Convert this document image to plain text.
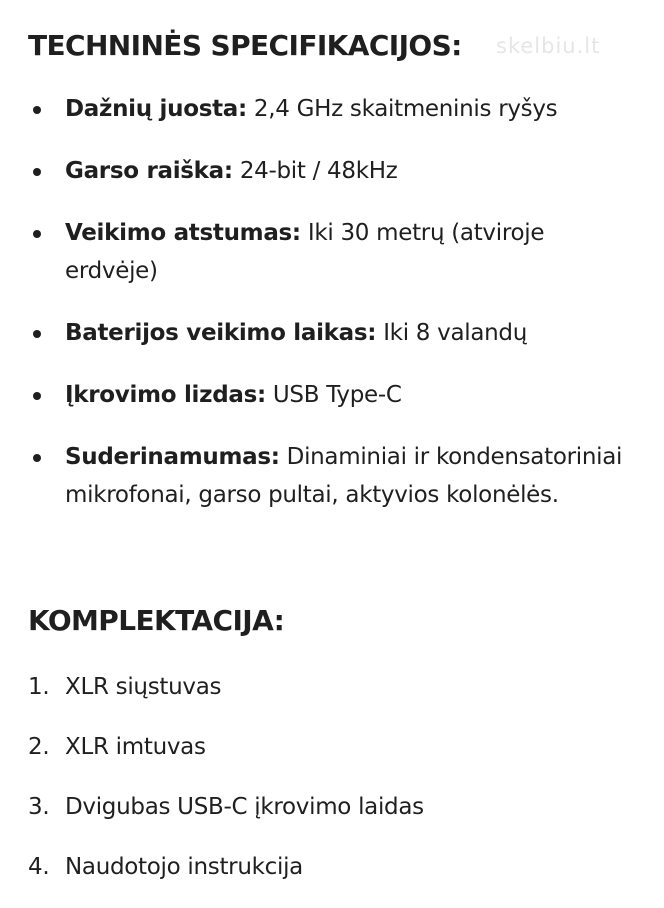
skelbiu.lt
TECHNINĖS SPECIFIKACIJOS:
Dažnių juosta: 2,4 GHz skaitmeninis ryšys
Garso raiška: 24-bit / 48kHz
Veikimo atstumas: Iki 30 metrų (atviroje erdvėje)
Baterijos veikimo laikas: Iki 8 valandų
Įkrovimo lizdas: USB Type-C
Suderinamumas: Dinaminiai ir kondensatoriniai mikrofonai, garso pultai, aktyvios kolonėlės.
KOMPLEKTACIJA:
1. XLR siųstuvas
2. XLR imtuvas
3. Dvigubas USB-C įkrovimo laidas
4. Naudotojo instrukcija
